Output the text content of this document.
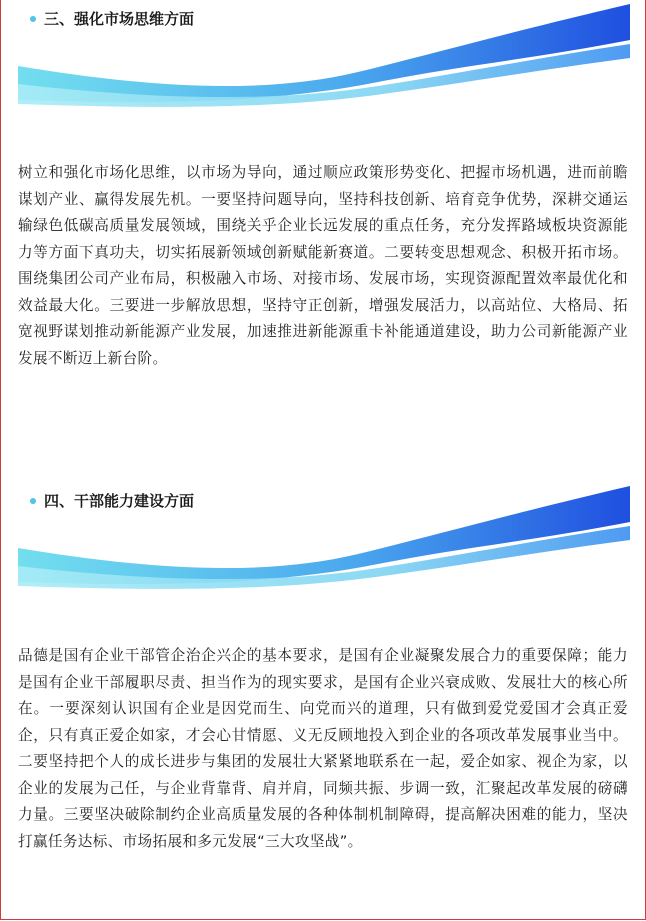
三、强化市场思维方面

树立和强化市场化思维，以市场为导向，通过顺应政策形势变化、把握市场机遇，进而前瞻谋划产业、赢得发展先机。一要坚持问题导向，坚持科技创新、培育竞争优势，深耕交通运输绿色低碳高质量发展领域，围绕关乎企业长远发展的重点任务，充分发挥路域板块资源能力等方面下真功夫，切实拓展新领域创新赋能新赛道。二要转变思想观念、积极开拓市场。围绕集团公司产业布局，积极融入市场、对接市场、发展市场，实现资源配置效率最优化和效益最大化。三要进一步解放思想，坚持守正创新，增强发展活力，以高站位、大格局、拓宽视野谋划推动新能源产业发展，加速推进新能源重卡补能通道建设，助力公司新能源产业发展不断迈上新台阶。

四、干部能力建设方面

品德是国有企业干部管企治企兴企的基本要求，是国有企业凝聚发展合力的重要保障；能力是国有企业干部履职尽责、担当作为的现实要求，是国有企业兴衰成败、发展壮大的核心所在。一要深刻认识国有企业是因党而生、向党而兴的道理，只有做到爱党爱国才会真正爱企，只有真正爱企如家，才会心甘情愿、义无反顾地投入到企业的各项改革发展事业当中。二要坚持把个人的成长进步与集团的发展壮大紧紧地联系在一起，爱企如家、视企为家，以企业的发展为己任，与企业背靠背、肩并肩，同频共振、步调一致，汇聚起改革发展的磅礴力量。三要坚决破除制约企业高质量发展的各种体制机制障碍，提高解决困难的能力，坚决打赢任务达标、市场拓展和多元发展“三大攻坚战”。
